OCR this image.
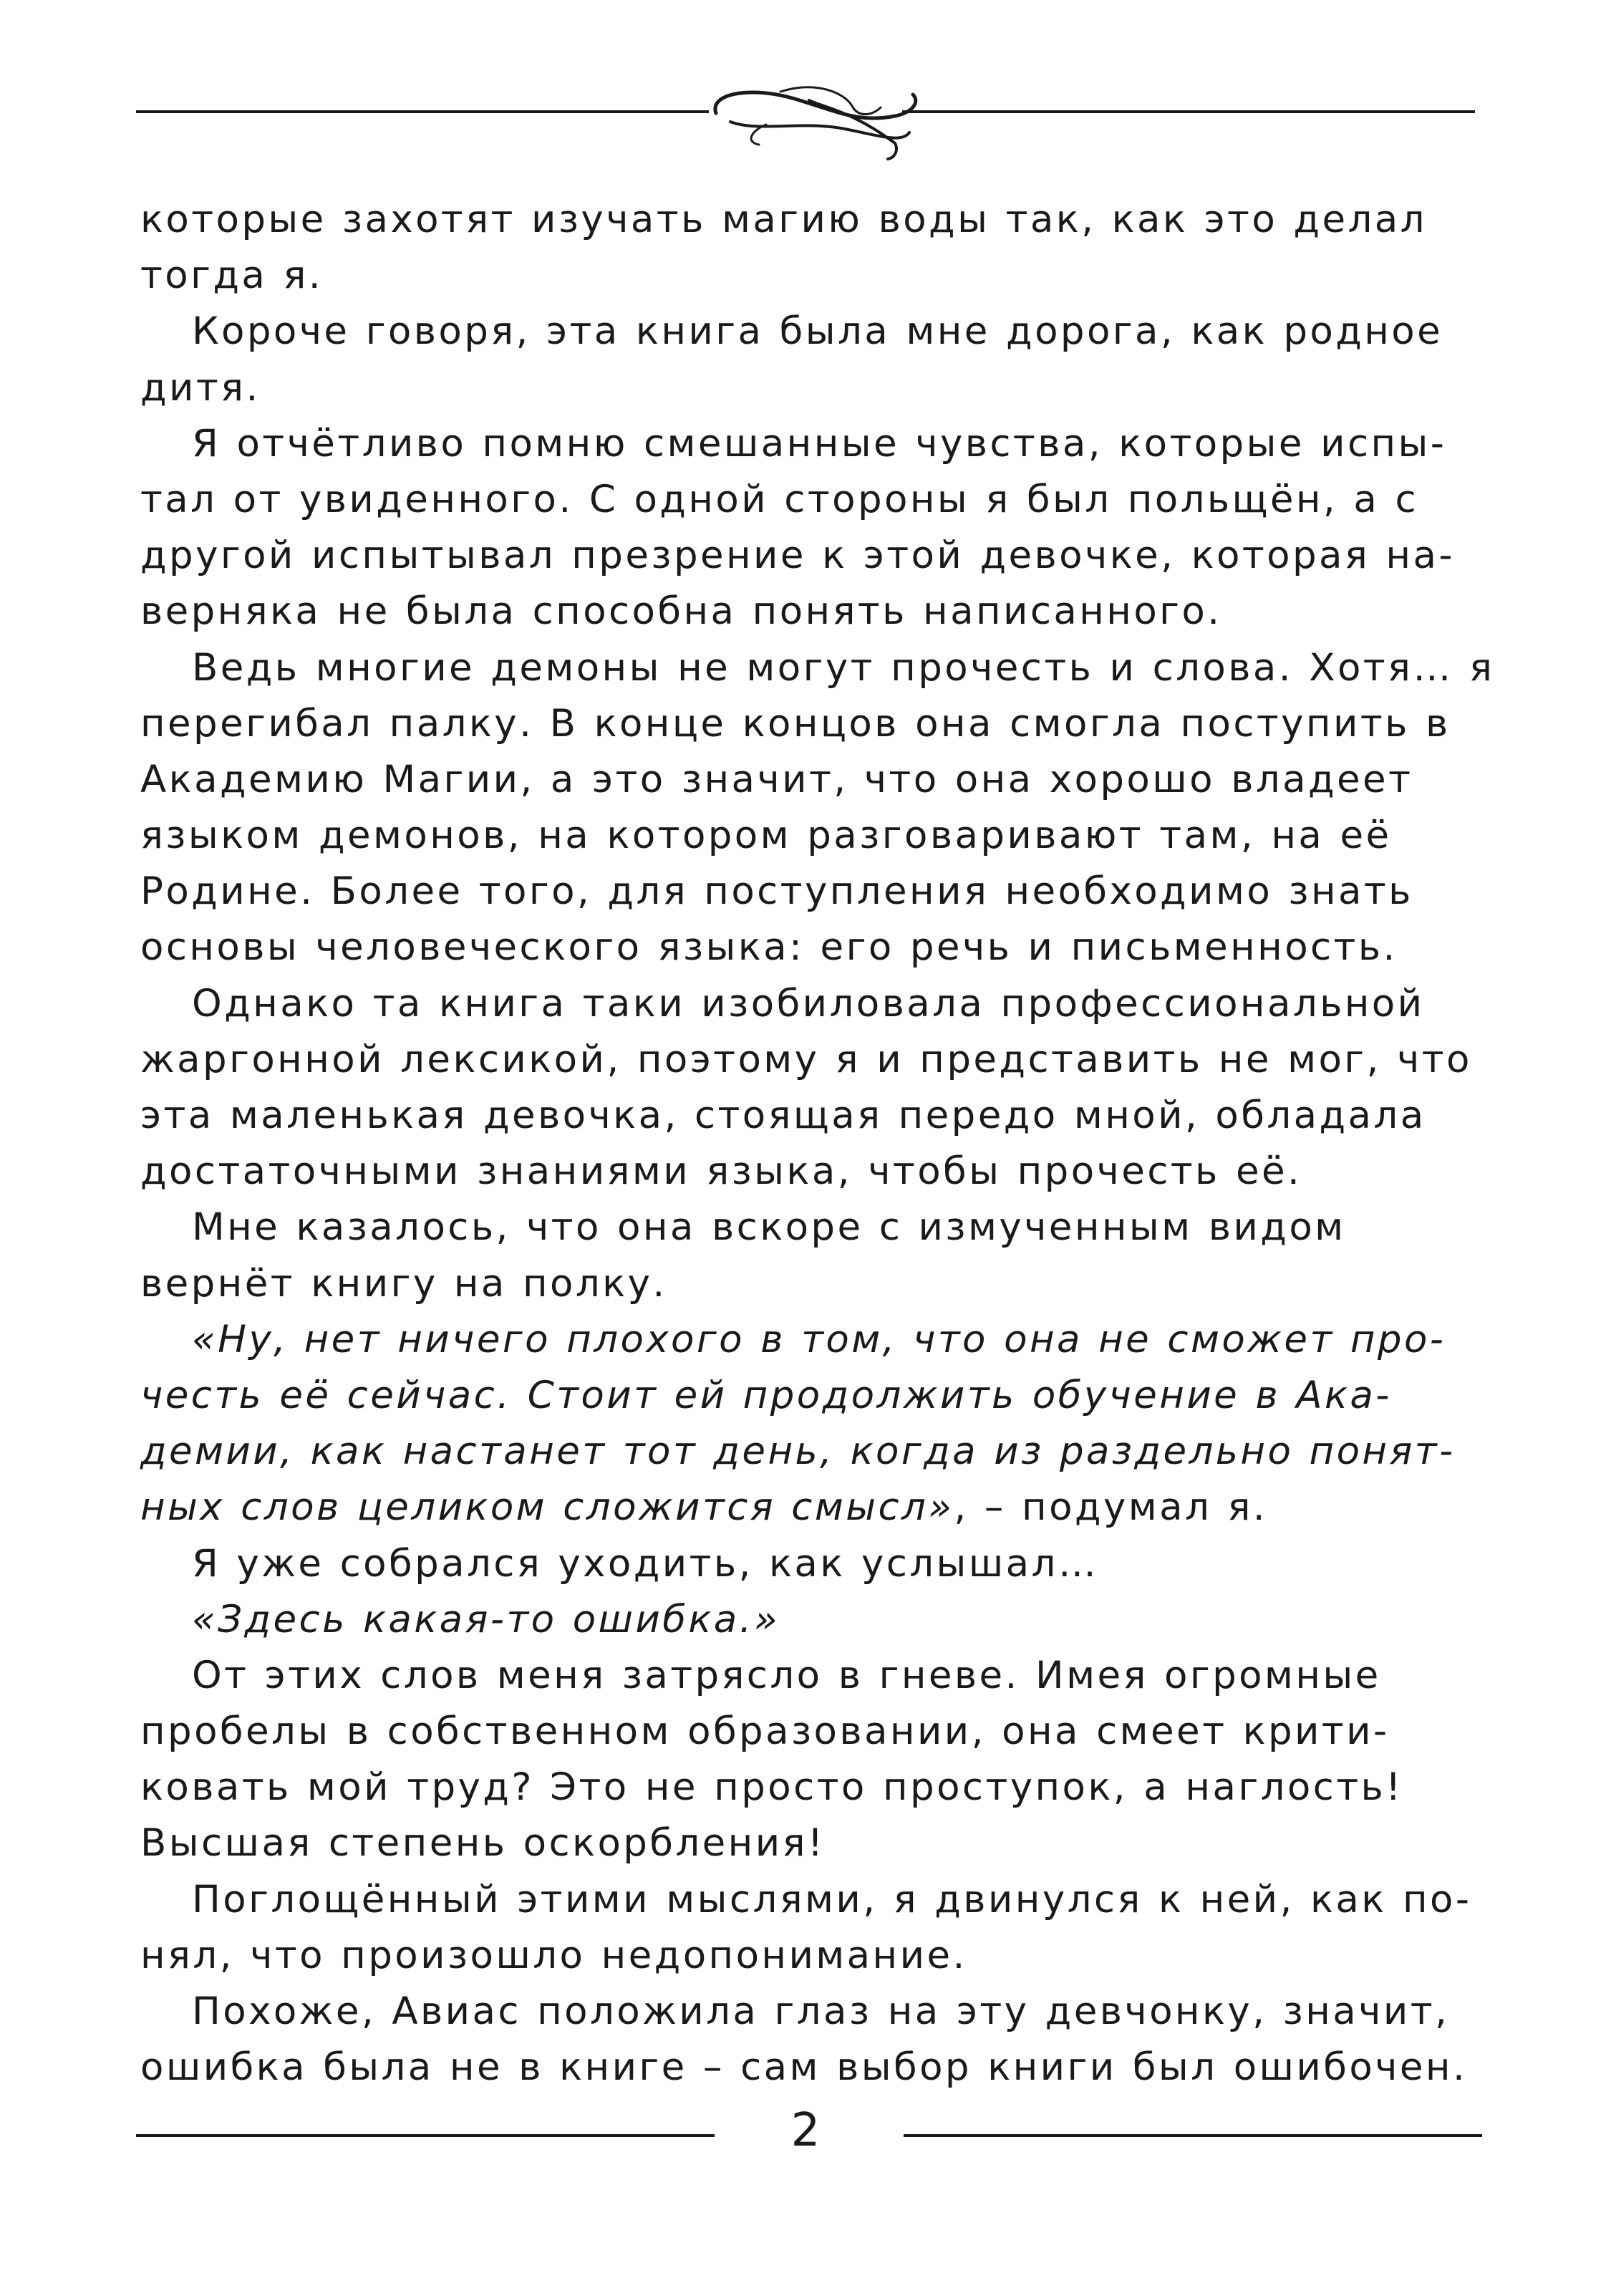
которые захотят изучать магию воды так, как это делал
тогда я.
Короче говоря, эта книга была мне дорога, как родное
дитя.
Я отчётливо помню смешанные чувства, которые испы-
тал от увиденного. С одной стороны я был польщён, а с
другой испытывал презрение к этой девочке, которая на-
верняка не была способна понять написанного.
Ведь многие демоны не могут прочесть и слова. Хотя… я
перегибал палку. В конце концов она смогла поступить в
Академию Магии, а это значит, что она хорошо владеет
языком демонов, на котором разговаривают там, на её
Родине. Более того, для поступления необходимо знать
основы человеческого языка: его речь и письменность.
Однако та книга таки изобиловала профессиональной
жаргонной лексикой, поэтому я и представить не мог, что
эта маленькая девочка, стоящая передо мной, обладала
достаточными знаниями языка, чтобы прочесть её.
Мне казалось, что она вскоре с измученным видом
вернёт книгу на полку.
«Ну, нет ничего плохого в том, что она не сможет про-
честь её сейчас. Стоит ей продолжить обучение в Ака-
демии, как настанет тот день, когда из раздельно понят-
ных слов целиком сложится смысл», – подумал я.
Я уже собрался уходить, как услышал…
«Здесь какая-то ошибка.»
От этих слов меня затрясло в гневе. Имея огромные
пробелы в собственном образовании, она смеет крити-
ковать мой труд? Это не просто проступок, а наглость!
Высшая степень оскорбления!
Поглощённый этими мыслями, я двинулся к ней, как по-
нял, что произошло недопонимание.
Похоже, Авиас положила глаз на эту девчонку, значит,
ошибка была не в книге – сам выбор книги был ошибочен.
2
